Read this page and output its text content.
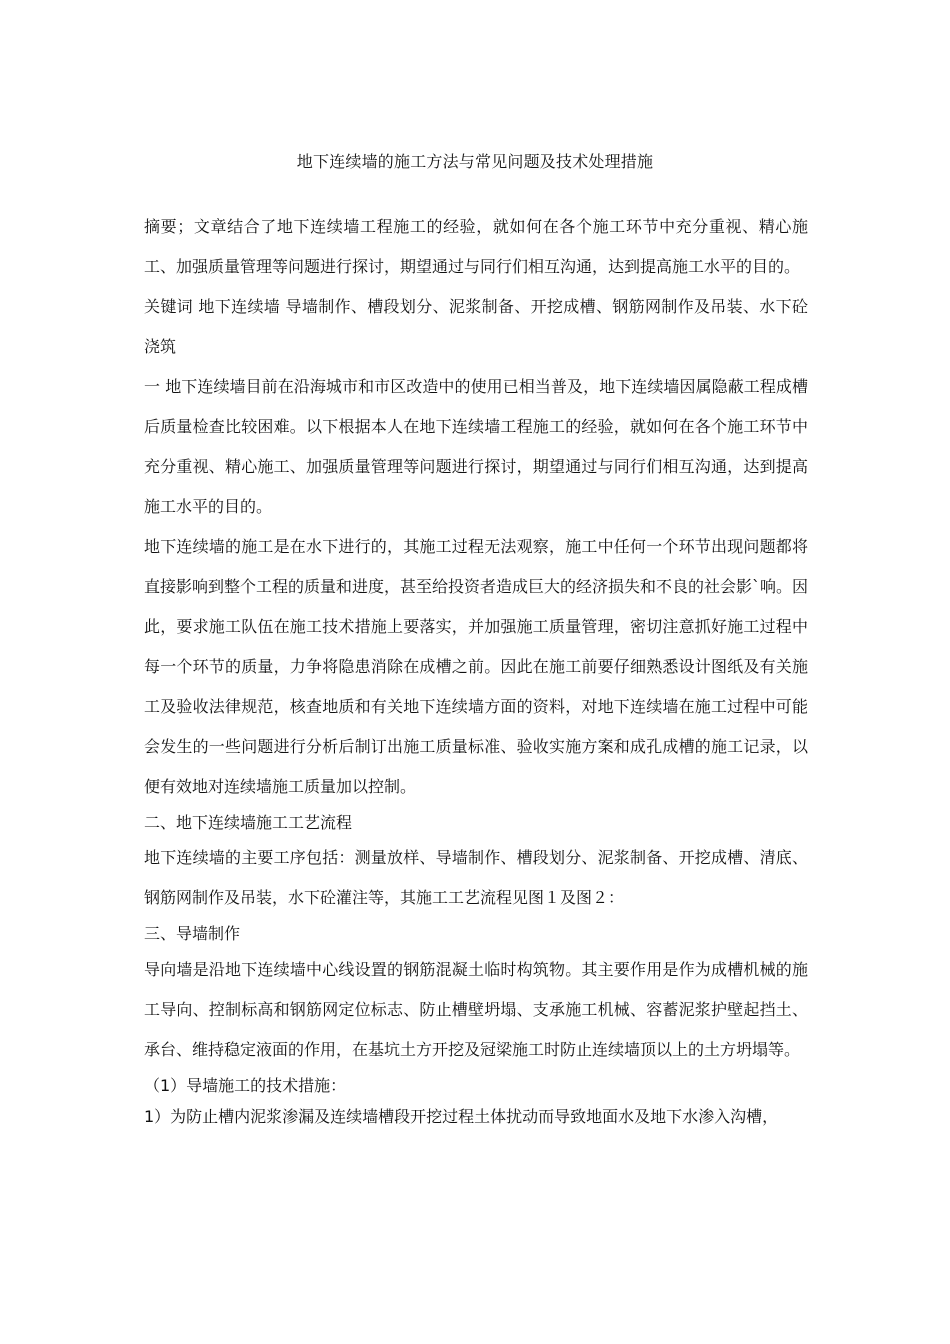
地下连续墙的施工方法与常见问题及技术处理措施

摘要；文章结合了地下连续墙工程施工的经验，就如何在各个施工环节中充分重视、精心施工、加强质量管理等问题进行探讨，期望通过与同行们相互沟通，达到提高施工水平的目的。

关键词 地下连续墙 导墙制作、槽段划分、泥浆制备、开挖成槽、钢筋网制作及吊装、水下砼浇筑

一 地下连续墙目前在沿海城市和市区改造中的使用已相当普及，地下连续墙因属隐蔽工程成槽后质量检查比较困难。以下根据本人在地下连续墙工程施工的经验，就如何在各个施工环节中充分重视、精心施工、加强质量管理等问题进行探讨，期望通过与同行们相互沟通，达到提高施工水平的目的。

地下连续墙的施工是在水下进行的，其施工过程无法观察，施工中任何一个环节出现问题都将直接影响到整个工程的质量和进度，甚至给投资者造成巨大的经济损失和不良的社会影`响。因此，要求施工队伍在施工技术措施上要落实，并加强施工质量管理，密切注意抓好施工过程中每一个环节的质量，力争将隐患消除在成槽之前。因此在施工前要仔细熟悉设计图纸及有关施工及验收法律规范，核查地质和有关地下连续墙方面的资料，对地下连续墙在施工过程中可能会发生的一些问题进行分析后制订出施工质量标准、验收实施方案和成孔成槽的施工记录，以便有效地对连续墙施工质量加以控制。

二、地下连续墙施工工艺流程

地下连续墙的主要工序包括：测量放样、导墙制作、槽段划分、泥浆制备、开挖成槽、清底、钢筋网制作及吊装，水下砼灌注等，其施工工艺流程见图１及图２：

三、导墙制作

导向墙是沿地下连续墙中心线设置的钢筋混凝土临时构筑物。其主要作用是作为成槽机械的施工导向、控制标高和钢筋网定位标志、防止槽壁坍塌、支承施工机械、容蓄泥浆护壁起挡土、承台、维持稳定液面的作用，在基坑土方开挖及冠梁施工时防止连续墙顶以上的土方坍塌等。

（1）导墙施工的技术措施：

1）为防止槽内泥浆渗漏及连续墙槽段开挖过程土体扰动而导致地面水及地下水渗入沟槽，
